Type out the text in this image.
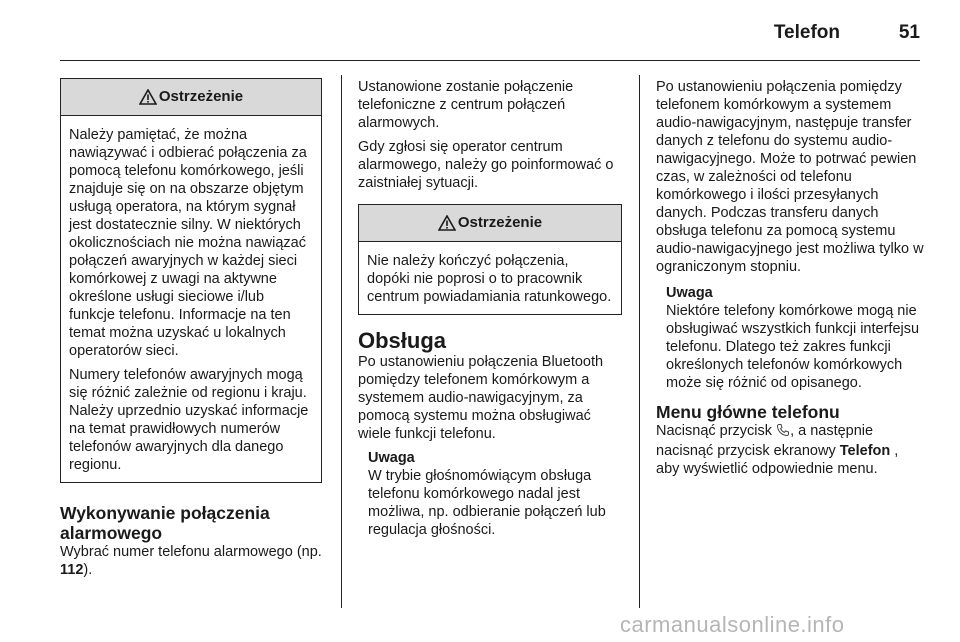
Telefon	51
Ostrzeżenie

Należy pamiętać, że można nawiązywać i odbierać połączenia za pomocą telefonu komórkowego, jeśli znajduje się on na obszarze objętym usługą operatora, na którym sygnał jest dostatecznie silny. W niektórych okolicznościach nie można nawiązać połączeń awaryjnych w każdej sieci komórkowej z uwagi na aktywne określone usługi sieciowe i/lub funkcje telefonu. Informacje na ten temat można uzyskać u lokalnych operatorów sieci.

Numery telefonów awaryjnych mogą się różnić zależnie od regionu i kraju. Należy uprzednio uzyskać informacje na temat prawidłowych numerów telefonów awaryjnych dla danego regionu.

Wykonywanie połączenia alarmowego

Wybrać numer telefonu alarmowego (np. 112).

Ustanowione zostanie połączenie telefoniczne z centrum połączeń alarmowych.

Gdy zgłosi się operator centrum alarmowego, należy go poinformować o zaistniałej sytuacji.

Ostrzeżenie

Nie należy kończyć połączenia, dopóki nie poprosi o to pracownik centrum powiadamiania ratunkowego.

Obsługa

Po ustanowieniu połączenia Bluetooth pomiędzy telefonem komórkowym a systemem audio-nawigacyjnym, za pomocą systemu można obsługiwać wiele funkcji telefonu.

Uwaga
W trybie głośnomówiącym obsługa telefonu komórkowego nadal jest możliwa, np. odbieranie połączeń lub regulacja głośności.

Po ustanowieniu połączenia pomiędzy telefonem komórkowym a systemem audio-nawigacyjnym, następuje transfer danych z telefonu do systemu audio-nawigacyjnego. Może to potrwać pewien czas, w zależności od telefonu komórkowego i ilości przesyłanych danych. Podczas transferu danych obsługa telefonu za pomocą systemu audio-nawigacyjnego jest możliwa tylko w ograniczonym stopniu.

Uwaga
Niektóre telefony komórkowe mogą nie obsługiwać wszystkich funkcji interfejsu telefonu. Dlatego też zakres funkcji określonych telefonów komórkowych może się różnić od opisanego.
Menu główne telefonu

Nacisnąć przycisk , a następnie nacisnąć przycisk ekranowy Telefon , aby wyświetlić odpowiednie menu.

carmanualsonline.info
